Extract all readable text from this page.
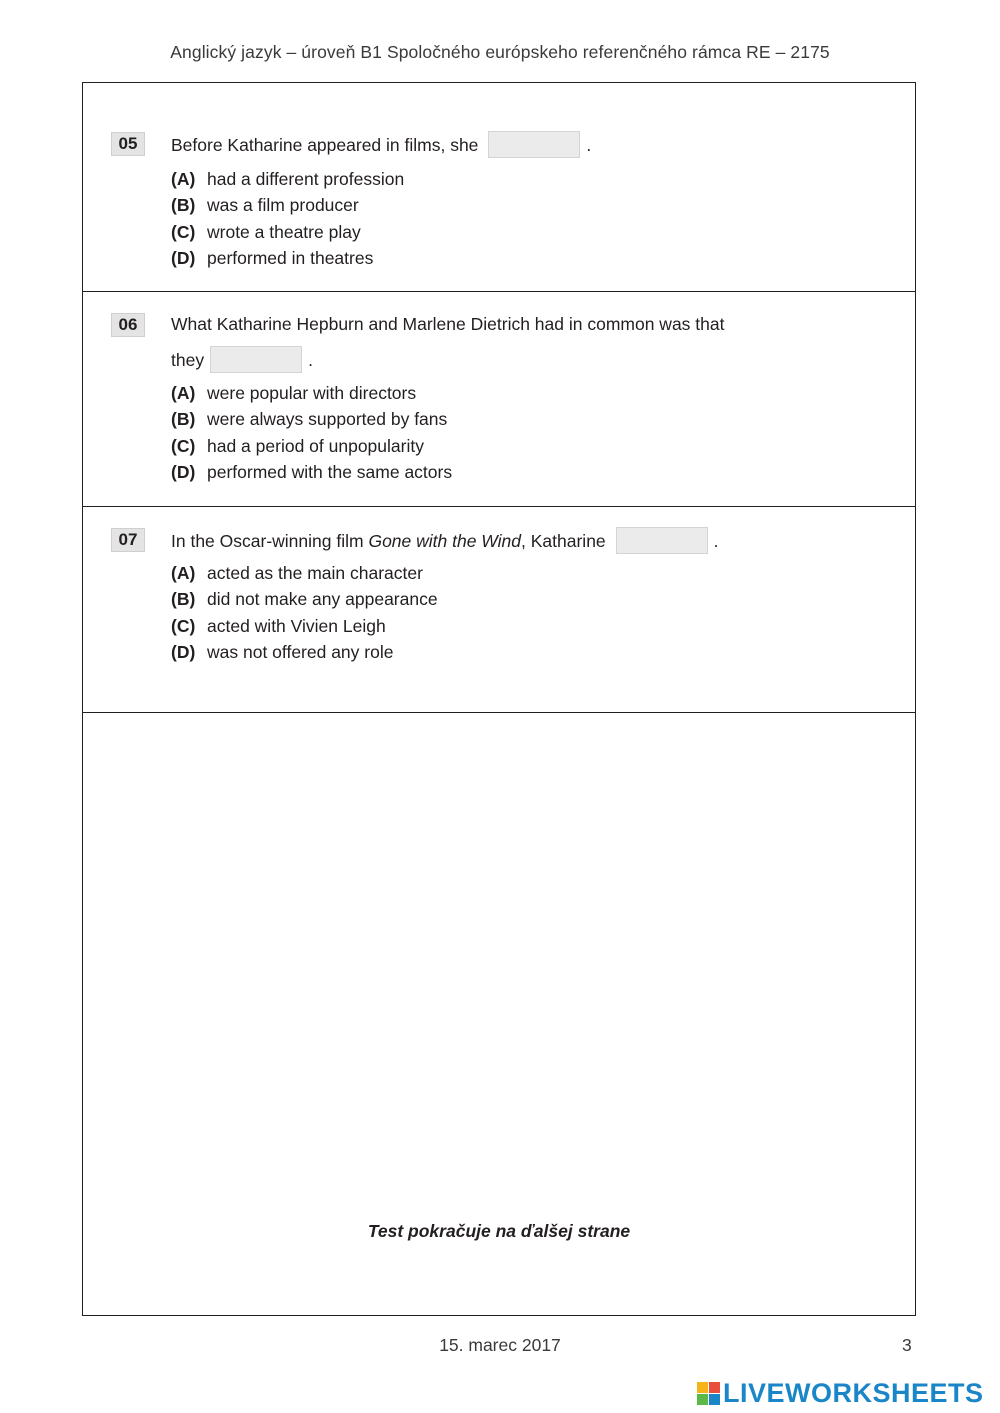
Anglický jazyk – úroveň B1 Spoločného európskeho referenčného rámca RE – 2175
05	Before Katharine appeared in films, she	.
(A) had a different profession
(B) was a film producer
(C) wrote a theatre play
(D) performed in theatres
06	What Katharine Hepburn and Marlene Dietrich had in common was that
they	.
(A) were popular with directors
(B) were always supported by fans
(C) had a period of unpopularity
(D) performed with the same actors
07	In the Oscar-winning film Gone with the Wind, Katharine	.
(A) acted as the main character
(B) did not make any appearance
(C) acted with Vivien Leigh
(D) was not offered any role
Test pokračuje na ďalšej strane
15. marec 2017	3
LIVEWORKSHEETS
